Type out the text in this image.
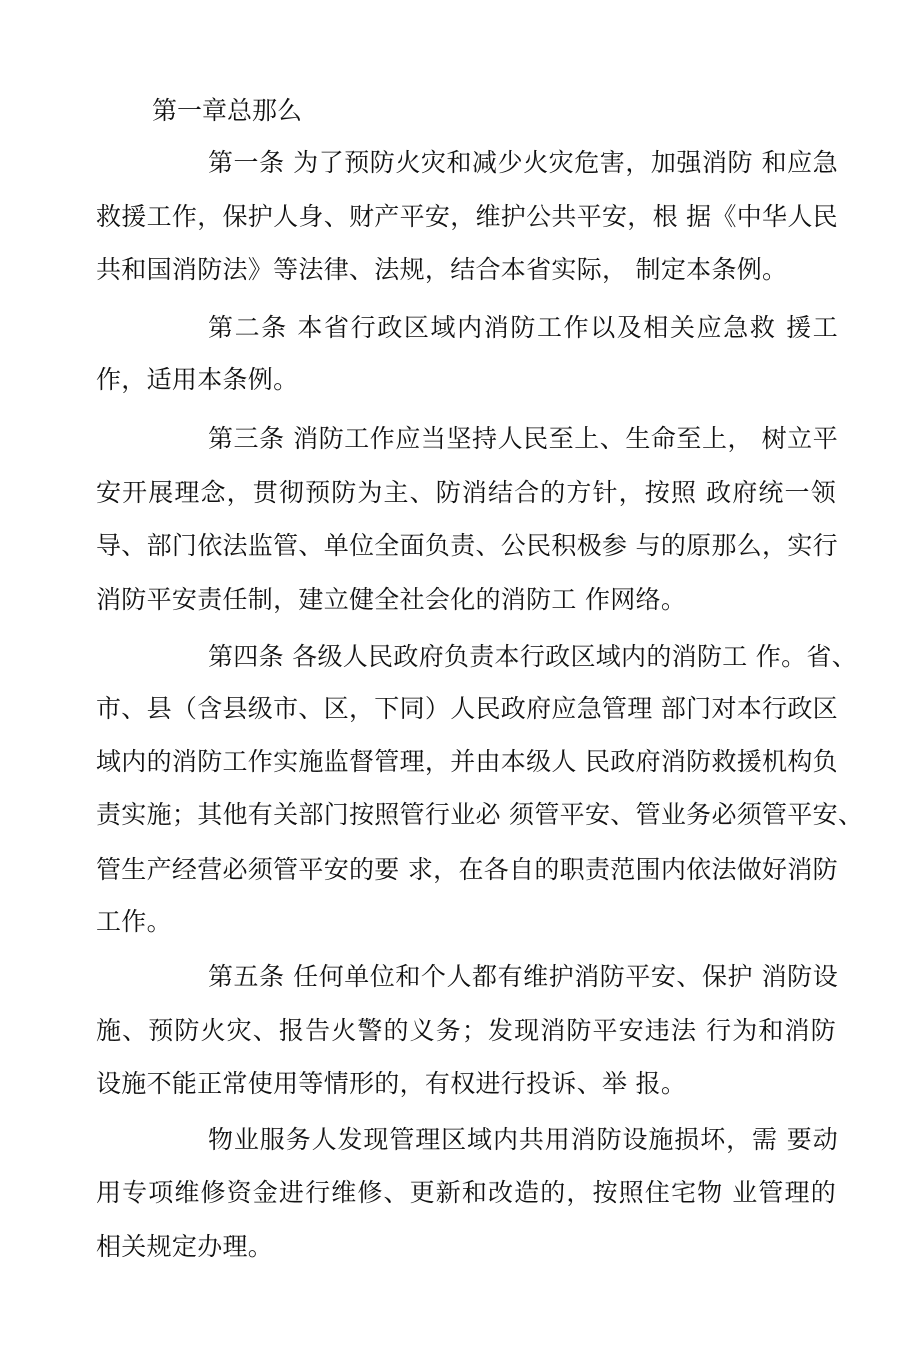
第一章总那么
第一条 为了预防火灾和减少火灾危害，加强消防 和应急
救援工作，保护人身、财产平安，维护公共平安，根 据《中华人民
共和国消防法》等法律、法规，结合本省实际， 制定本条例。
第二条 本省行政区域内消防工作以及相关应急救 援工
作，适用本条例。
第三条 消防工作应当坚持人民至上、生命至上， 树立平
安开展理念，贯彻预防为主、防消结合的方针，按照 政府统一领
导、部门依法监管、单位全面负责、公民积极参 与的原那么，实行
消防平安责任制，建立健全社会化的消防工 作网络。
第四条 各级人民政府负责本行政区域内的消防工 作。省、
市、县（含县级市、区，下同）人民政府应急管理 部门对本行政区
域内的消防工作实施监督管理，并由本级人 民政府消防救援机构负
责实施；其他有关部门按照管行业必 须管平安、管业务必须管平安、
管生产经营必须管平安的要 求，在各自的职责范围内依法做好消防
工作。
第五条 任何单位和个人都有维护消防平安、保护 消防设
施、预防火灾、报告火警的义务；发现消防平安违法 行为和消防
设施不能正常使用等情形的，有权进行投诉、举 报。
物业服务人发现管理区域内共用消防设施损坏，需 要动
用专项维修资金进行维修、更新和改造的，按照住宅物 业管理的
相关规定办理。
